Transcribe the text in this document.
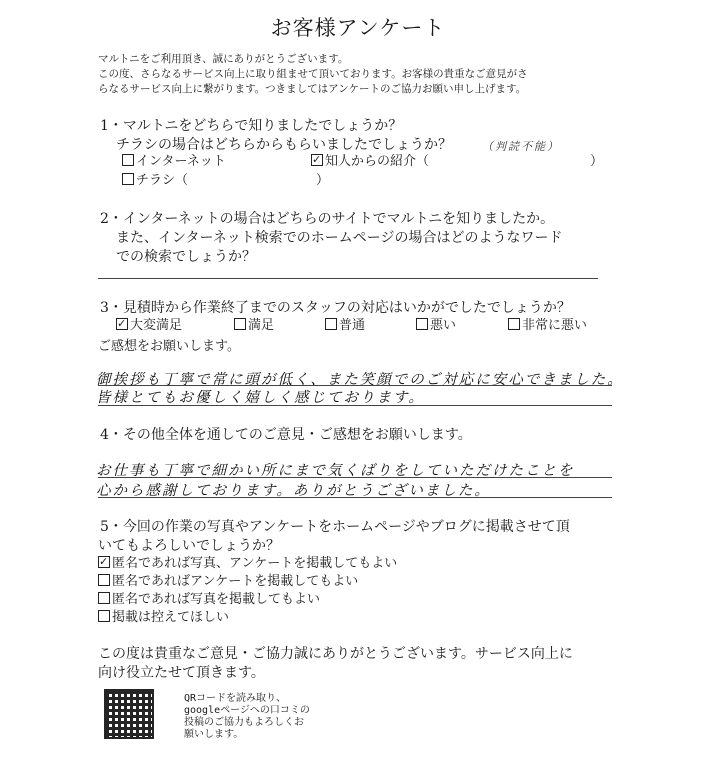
お客様アンケート
マルトニをご利用頂き、誠にありがとうございます。
この度、さらなるサービス向上に取り組ませて頂いております。お客様の貴重なご意見がさ
らなるサービス向上に繋がります。つきましてはアンケートのご協力お願い申し上げます。
1・マルトニをどちらで知りましたでしょうか？
チラシの場合はどちらからもらいましたでしょうか？	（判読不能）
インターネット
✓	知人からの紹介（	）
チラシ（	）
2・インターネットの場合はどちらのサイトでマルトニを知りましたか。
また、インターネット検索でのホームページの場合はどのようなワード
での検索でしょうか？
3・見積時から作業終了までのスタッフの対応はいかがでしたでしょうか？
✓大変満足	満足	普通	悪い	非常に悪い
ご感想をお願いします。
御挨拶も丁寧で常に頭が低く、また笑顔でのご対応に安心できました。
皆様とてもお優しく嬉しく感じております。
4・その他全体を通してのご意見・ご感想をお願いします。
お仕事も丁寧で細かい所にまで気くばりをしていただけたことを
心から感謝しております。ありがとうございました。
5・今回の作業の写真やアンケートをホームページやブログに掲載させて頂
いてもよろしいでしょうか？
✓匿名であれば写真、アンケートを掲載してもよい
匿名であればアンケートを掲載してもよい
匿名であれば写真を掲載してもよい
掲載は控えてほしい
この度は貴重なご意見・ご協力誠にありがとうございます。サービス向上に
向け役立たせて頂きます。
QRコードを読み取り、
googleページへの口コミの
投稿のご協力もよろしくお
願いします。
